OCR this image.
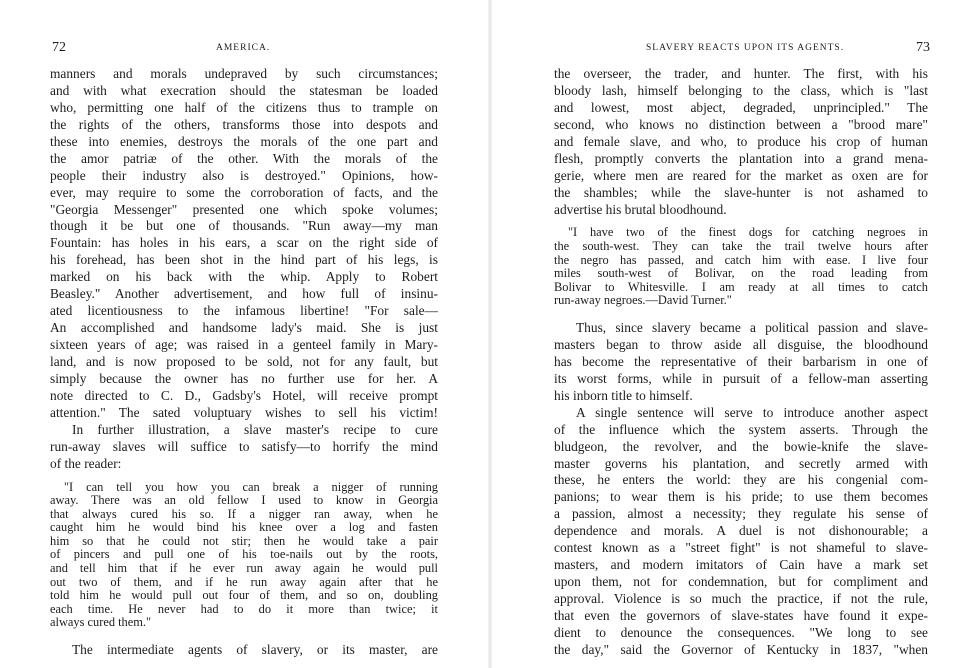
72	AMERICA.
manners and morals undepraved by such circumstances;
and with what execration should the statesman be loaded
who, permitting one half of the citizens thus to trample on
the rights of the others, transforms those into despots and
these into enemies, destroys the morals of the one part and
the amor patriæ of the other. With the morals of the
people their industry also is destroyed." Opinions, how-
ever, may require to some the corroboration of facts, and the
"Georgia Messenger" presented one which spoke volumes;
though it be but one of thousands. "Run away—my man
Fountain: has holes in his ears, a scar on the right side of
his forehead, has been shot in the hind part of his legs, is
marked on his back with the whip. Apply to Robert
Beasley." Another advertisement, and how full of insinu-
ated licentiousness to the infamous libertine! "For sale—
An accomplished and handsome lady's maid. She is just
sixteen years of age; was raised in a genteel family in Mary-
land, and is now proposed to be sold, not for any fault, but
simply because the owner has no further use for her. A
note directed to C. D., Gadsby's Hotel, will receive prompt
attention." The sated voluptuary wishes to sell his victim!
In further illustration, a slave master's recipe to cure
run-away slaves will suffice to satisfy—to horrify the mind
of the reader:
"I can tell you how you can break a nigger of running
away. There was an old fellow I used to know in Georgia
that always cured his so. If a nigger ran away, when he
caught him he would bind his knee over a log and fasten
him so that he could not stir; then he would take a pair
of pincers and pull one of his toe-nails out by the roots,
and tell him that if he ever run away again he would pull
out two of them, and if he run away again after that he
told him he would pull out four of them, and so on, doubling
each time. He never had to do it more than twice; it
always cured them."
The intermediate agents of slavery, or its master, are
SLAVERY REACTS UPON ITS AGENTS.	73
the overseer, the trader, and hunter. The first, with his
bloody lash, himself belonging to the class, which is "last
and lowest, most abject, degraded, unprincipled." The
second, who knows no distinction between a "brood mare"
and female slave, and who, to produce his crop of human
flesh, promptly converts the plantation into a grand mena-
gerie, where men are reared for the market as oxen are for
the shambles; while the slave-hunter is not ashamed to
advertise his brutal bloodhound.
"I have two of the finest dogs for catching negroes in
the south-west. They can take the trail twelve hours after
the negro has passed, and catch him with ease. I live four
miles south-west of Bolivar, on the road leading from
Bolivar to Whitesville. I am ready at all times to catch
run-away negroes.—David Turner."
Thus, since slavery became a political passion and slave-
masters began to throw aside all disguise, the bloodhound
has become the representative of their barbarism in one of
its worst forms, while in pursuit of a fellow-man asserting
his inborn title to himself.
A single sentence will serve to introduce another aspect
of the influence which the system asserts. Through the
bludgeon, the revolver, and the bowie-knife the slave-
master governs his plantation, and secretly armed with
these, he enters the world: they are his congenial com-
panions; to wear them is his pride; to use them becomes
a passion, almost a necessity; they regulate his sense of
dependence and morals. A duel is not dishonourable; a
contest known as a "street fight" is not shameful to slave-
masters, and modern imitators of Cain have a mark set
upon them, not for condemnation, but for compliment and
approval. Violence is so much the practice, if not the rule,
that even the governors of slave-states have found it expe-
dient to denounce the consequences. "We long to see
the day," said the Governor of Kentucky in 1837, "when
